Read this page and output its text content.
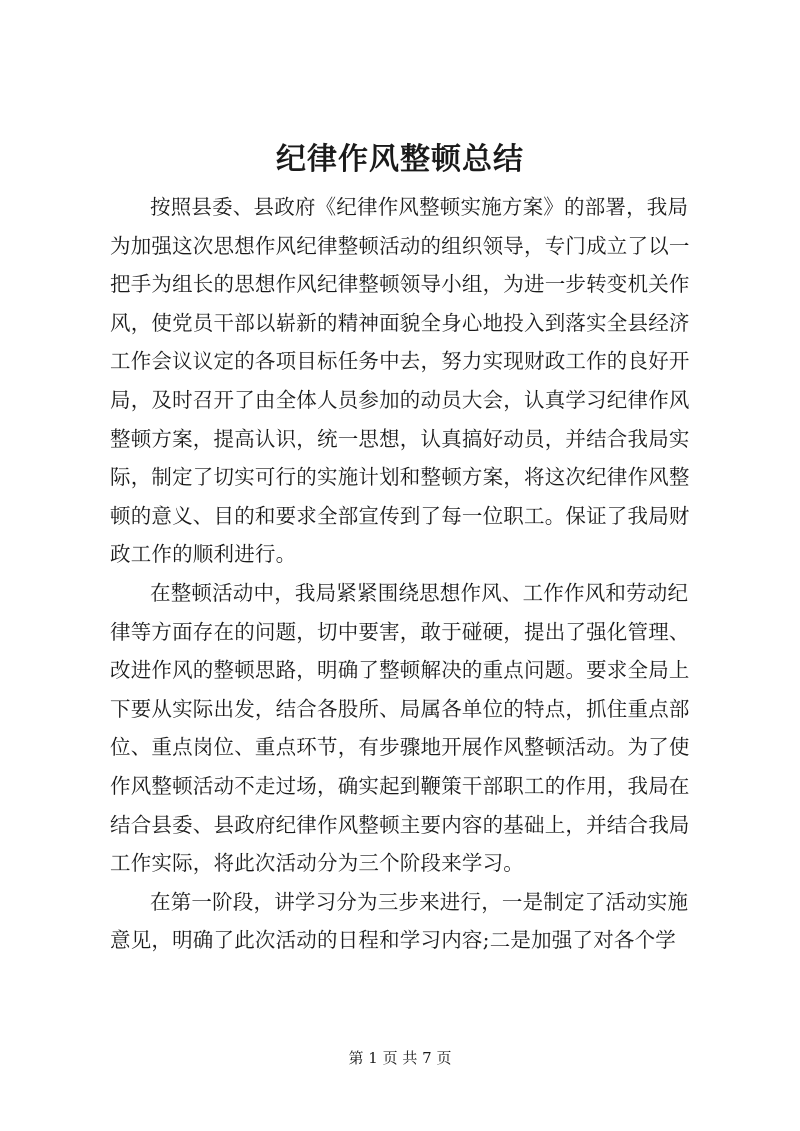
纪律作风整顿总结
按照县委、县政府《纪律作风整顿实施方案》的部署，我局
为加强这次思想作风纪律整顿活动的组织领导，专门成立了以一
把手为组长的思想作风纪律整顿领导小组，为进一步转变机关作
风，使党员干部以崭新的精神面貌全身心地投入到落实全县经济
工作会议议定的各项目标任务中去，努力实现财政工作的良好开
局，及时召开了由全体人员参加的动员大会，认真学习纪律作风
整顿方案，提高认识，统一思想，认真搞好动员，并结合我局实
际，制定了切实可行的实施计划和整顿方案，将这次纪律作风整
顿的意义、目的和要求全部宣传到了每一位职工。保证了我局财
政工作的顺利进行。
在整顿活动中，我局紧紧围绕思想作风、工作作风和劳动纪
律等方面存在的问题，切中要害，敢于碰硬，提出了强化管理、
改进作风的整顿思路，明确了整顿解决的重点问题。要求全局上
下要从实际出发，结合各股所、局属各单位的特点，抓住重点部
位、重点岗位、重点环节，有步骤地开展作风整顿活动。为了使
作风整顿活动不走过场，确实起到鞭策干部职工的作用，我局在
结合县委、县政府纪律作风整顿主要内容的基础上，并结合我局
工作实际，将此次活动分为三个阶段来学习。
在第一阶段，讲学习分为三步来进行，一是制定了活动实施
意见，明确了此次活动的日程和学习内容;二是加强了对各个学
第 1 页 共 7 页
